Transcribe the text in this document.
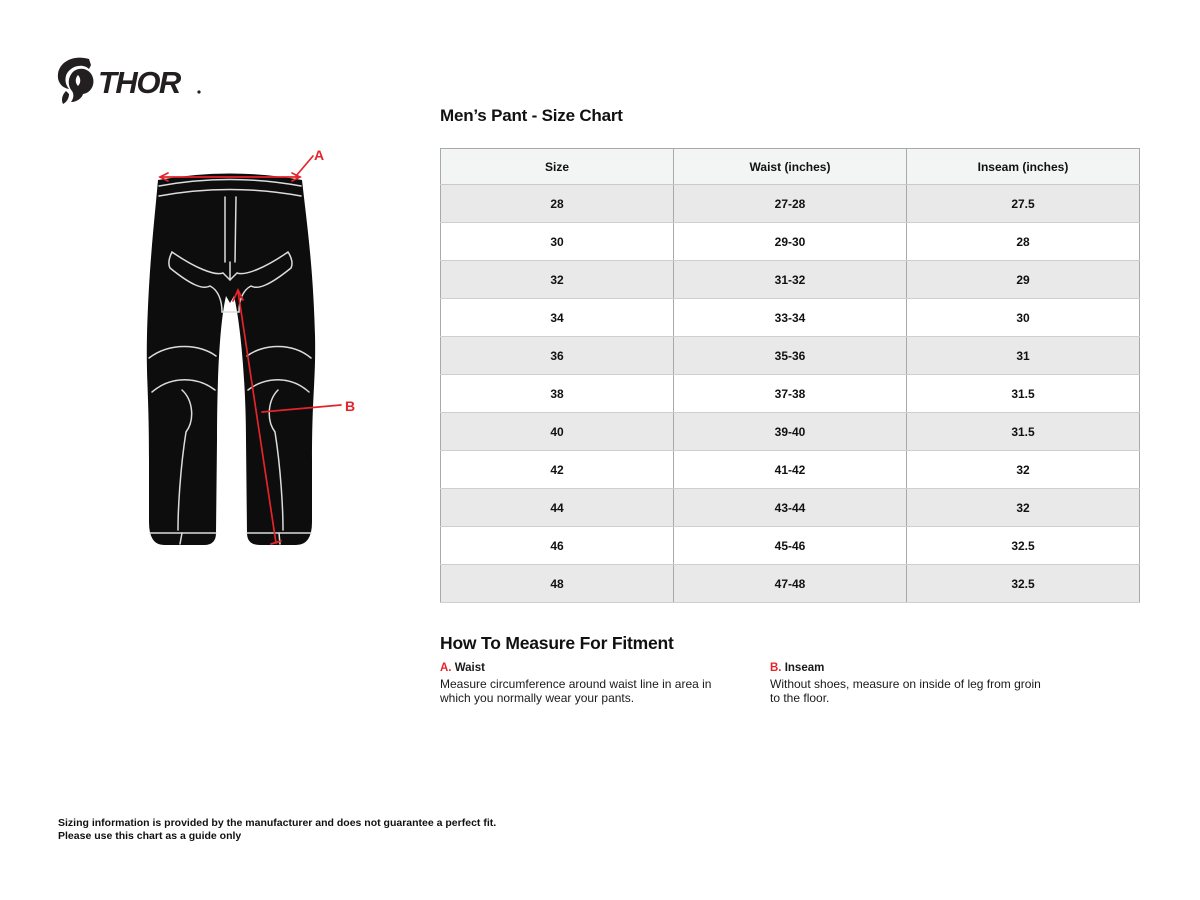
THOR
A
B
Men’s Pant - Size Chart
Size	Waist (inches)	Inseam (inches)
28	27-28	27.5
30	29-30	28
32	31-32	29
34	33-34	30
36	35-36	31
38	37-38	31.5
40	39-40	31.5
42	41-42	32
44	43-44	32
46	45-46	32.5
48	47-48	32.5
How To Measure For Fitment
A. Waist
Measure circumference around waist line in area in which you normally wear your pants.
B. Inseam
Without shoes, measure on inside of leg from groin to the floor.
Sizing information is provided by the manufacturer and does not guarantee a perfect fit.
Please use this chart as a guide only
